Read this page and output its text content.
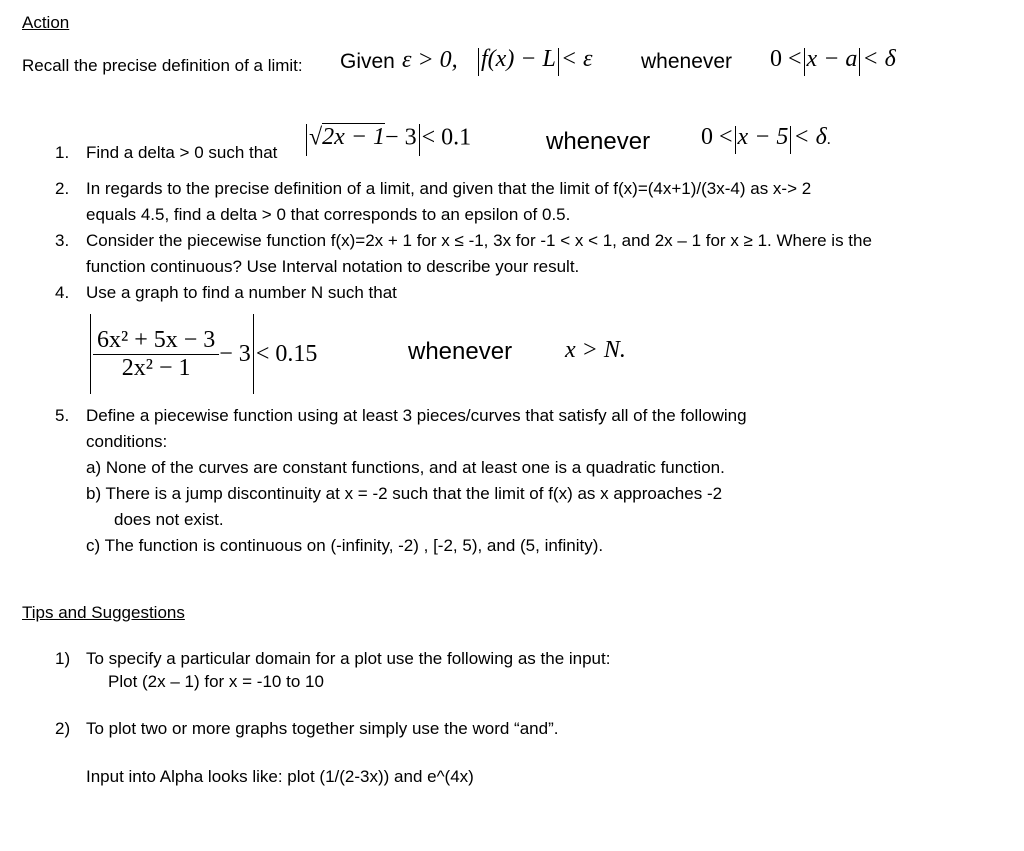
Action
Recall the precise definition of a limit: Given ε > 0, f(x) − L < ε whenever 0 < x − a < δ
1. Find a delta > 0 such that
√2x − 1− 3 < 0.1	whenever 0 < x − 5 < δ.
2. In regards to the precise definition of a limit, and given that the limit of f(x)=(4x+1)/(3x-4) as x-> 2
equals 4.5, find a delta > 0 that corresponds to an epsilon of 0.5.
3. Consider the piecewise function f(x)=2x + 1 for x ≤ -1, 3x for -1 < x < 1, and 2x – 1 for x ≥ 1. Where is the
function continuous? Use Interval notation to describe your result.
4. Use a graph to find a number N such that
$\frac{\text{6x² + 5x − 3}}{\text{2x² − 1}} - 3 < 0.15$	whenever x > N.
5. Define a piecewise function using at least 3 pieces/curves that satisfy all of the following
conditions:
a) None of the curves are constant functions, and at least one is a quadratic function.
b) There is a jump discontinuity at x = -2 such that the limit of f(x) as x approaches -2
does not exist.
c) The function is continuous on (-infinity, -2) , [-2, 5), and (5, infinity).
Tips and Suggestions
1) To specify a particular domain for a plot use the following as the input:
Plot (2x – 1) for x = -10 to 10
2) To plot two or more graphs together simply use the word “and”.
Input into Alpha looks like: plot (1/(2-3x)) and e^(4x)
